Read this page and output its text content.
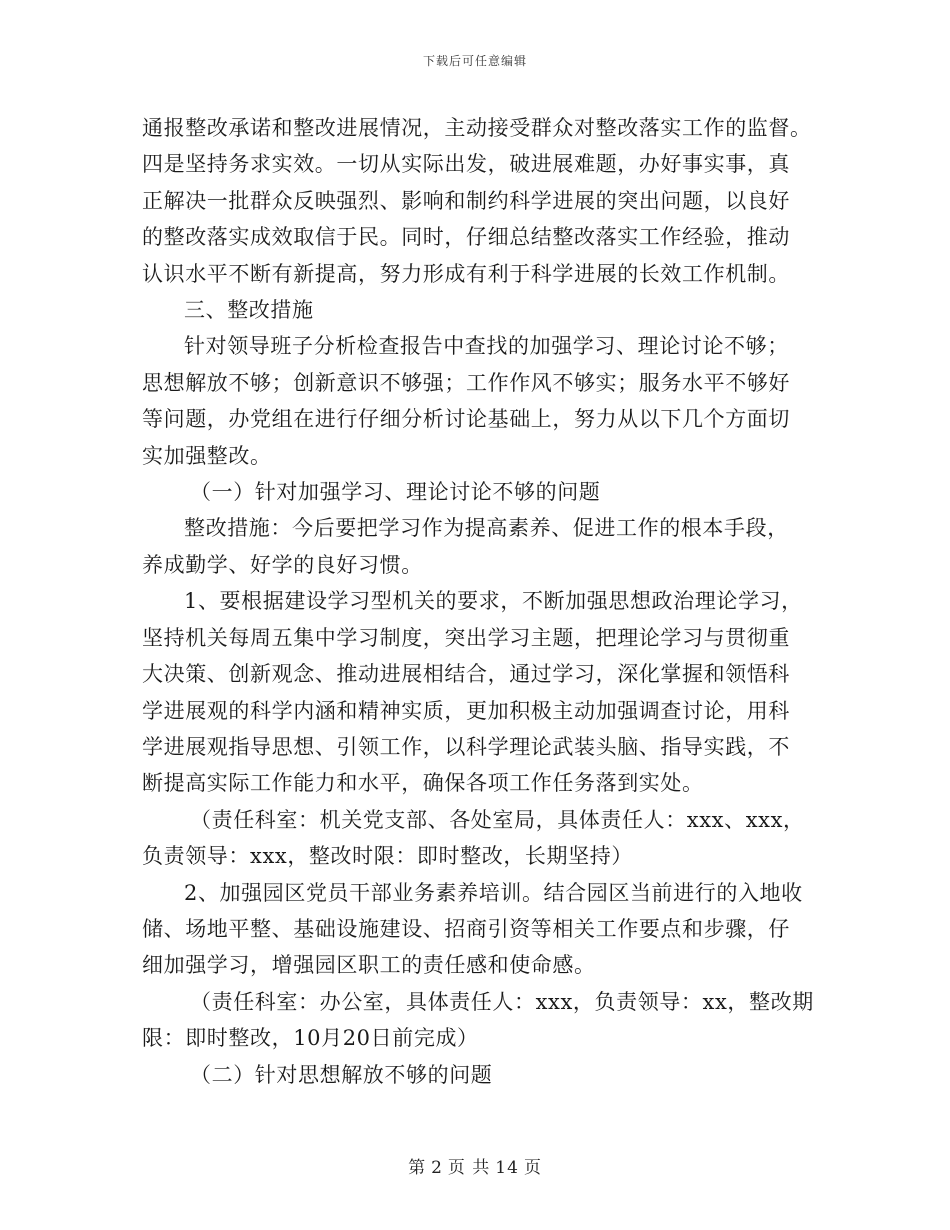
下载后可任意编辑
通报整改承诺和整改进展情况，主动接受群众对整改落实工作的监督。
四是坚持务求实效。一切从实际出发，破进展难题，办好事实事，真
正解决一批群众反映强烈、影响和制约科学进展的突出问题，以良好
的整改落实成效取信于民。同时，仔细总结整改落实工作经验，推动
认识水平不断有新提高，努力形成有利于科学进展的长效工作机制。
三、整改措施
针对领导班子分析检查报告中查找的加强学习、理论讨论不够；
思想解放不够；创新意识不够强；工作作风不够实；服务水平不够好
等问题，办党组在进行仔细分析讨论基础上，努力从以下几个方面切
实加强整改。
（一）针对加强学习、理论讨论不够的问题
整改措施：今后要把学习作为提高素养、促进工作的根本手段，
养成勤学、好学的良好习惯。
1、要根据建设学习型机关的要求，不断加强思想政治理论学习，
坚持机关每周五集中学习制度，突出学习主题，把理论学习与贯彻重
大决策、创新观念、推动进展相结合，通过学习，深化掌握和领悟科
学进展观的科学内涵和精神实质，更加积极主动加强调查讨论，用科
学进展观指导思想、引领工作，以科学理论武装头脑、指导实践，不
断提高实际工作能力和水平，确保各项工作任务落到实处。
（责任科室：机关党支部、各处室局，具体责任人：xxx、xxx，
负责领导：xxx，整改时限：即时整改，长期坚持）
2、加强园区党员干部业务素养培训。结合园区当前进行的入地收
储、场地平整、基础设施建设、招商引资等相关工作要点和步骤，仔
细加强学习，增强园区职工的责任感和使命感。
（责任科室：办公室，具体责任人：xxx，负责领导：xx，整改期
限：即时整改，10月20日前完成）
（二）针对思想解放不够的问题
第 2 页 共 14 页
